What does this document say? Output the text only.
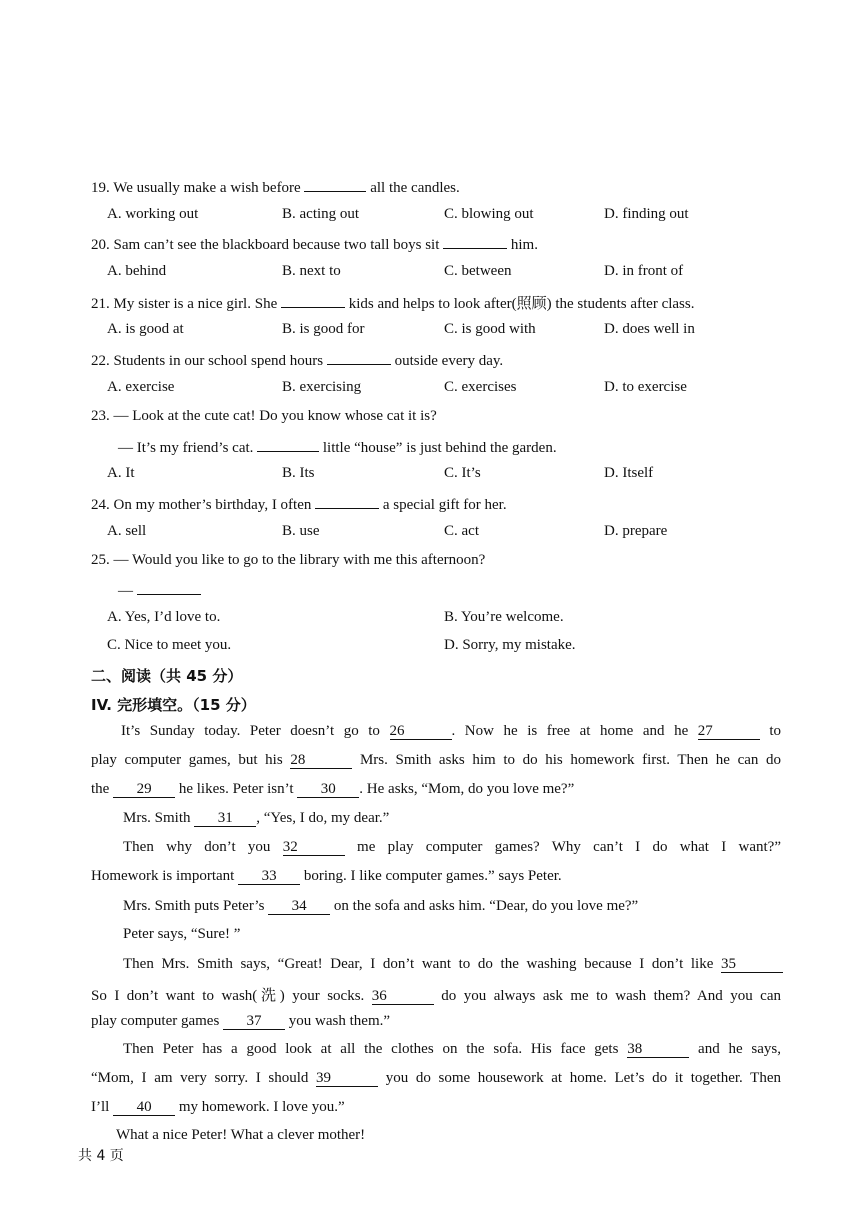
19. We usually make a wish before	all the candles.
A. working out	B. acting out	C. blowing out	D. finding out
20. Sam can’t see the blackboard because two tall boys sit	him.
A. behind	B. next to	C. between	D. in front of
21. My sister is a nice girl. She	kids and helps to look after(照顾) the students after class.
A. is good at	B. is good for	C. is good with	D. does well in
22. Students in our school spend hours	outside every day.
A. exercise	B. exercising	C. exercises	D. to exercise
23. — Look at the cute cat! Do you know whose cat it is?
— It’s my friend’s cat.	little “house” is just behind the garden.
A. It	B. Its	C. It’s	D. Itself
24. On my mother’s birthday, I often	a special gift for her.
A. sell	B. use	C. act	D. prepare
25. — Would you like to go to the library with me this afternoon?
—
A. Yes, I’d love to.	B. You’re welcome.
C. Nice to meet you.	D. Sorry, my mistake.
二、阅读（共 45 分）
IV. 完形填空。（15 分）
It’s Sunday today. Peter doesn’t go to 26	. Now he is free at home and he 27	to
play computer games, but his 28	Mrs. Smith asks him to do his homework first. Then he can do
the 29 he likes. Peter isn’t 30 . He asks, “Mom, do you love me?”
Mrs. Smith 31 , “Yes, I do, my dear.”
Then why don’t you 32	me play computer games? Why can’t I do what I want?”
Homework is important 33 boring. I like computer games.” says Peter.
Mrs. Smith puts Peter’s 34 on the sofa and asks him. “Dear, do you love me?”
Peter says, “Sure! ”
Then Mrs. Smith says, “Great! Dear, I don’t want to do the washing because I don’t like 35
So I don’t want to wash(洗) your socks. 36	do you always ask me to wash them? And you can
play computer games 37 you wash them.”
Then Peter has a good look at all the clothes on the sofa. His face gets 38	and he says,
“Mom, I am very sorry. I should 39	you do some housework at home. Let’s do it together. Then
I’ll 40 my homework. I love you.”
What a nice Peter! What a clever mother!
共 4 页
